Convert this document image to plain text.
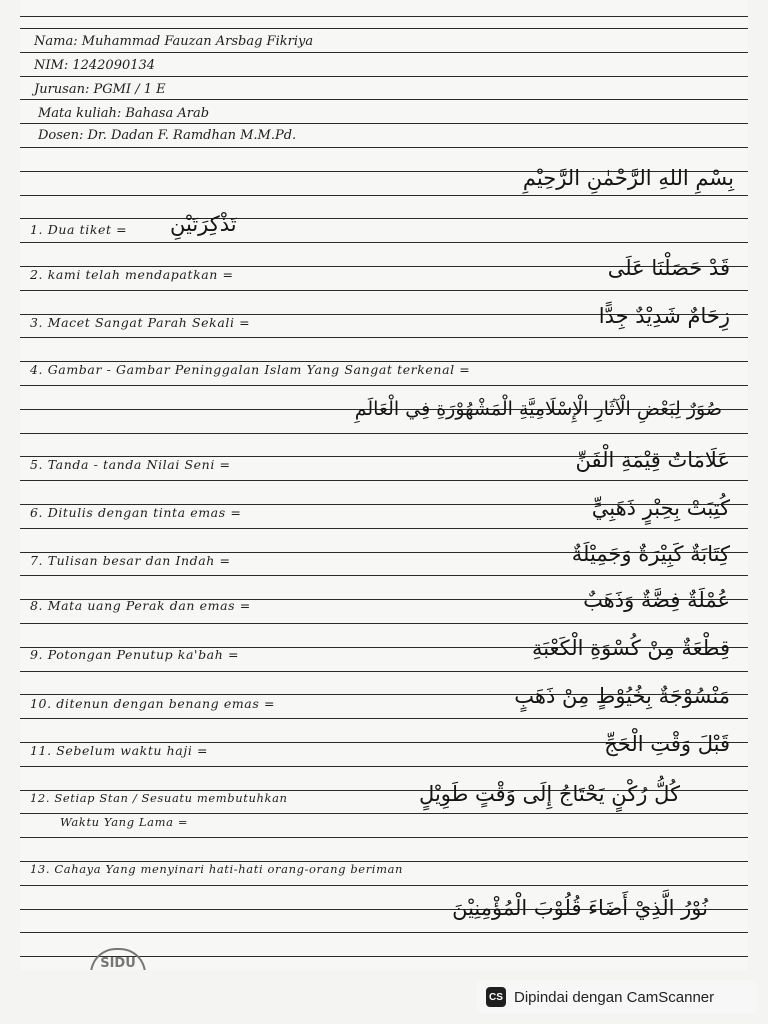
Nama: Muhammad Fauzan Arsbag Fikriya
NIM: 1242090134
Jurusan: PGMI / 1 E
Mata kuliah: Bahasa Arab
Dosen: Dr. Dadan F. Ramdhan M.M.Pd.
بِسْمِ اللهِ الرَّحْمٰنِ الرَّحِيْمِ
1. Dua tiket = تَذْكِرَتَيْنِ
2. kami telah mendapatkan =	قَدْ حَصَلْنَا عَلَى
3. Macet Sangat Parah Sekali =	زِحَامٌ شَدِيْدٌ جِدًّا
4. Gambar - Gambar Peninggalan Islam Yang Sangat terkenal =
صُوَرٌ لِبَعْضِ الْآثَارِ الْإِسْلَامِيَّةِ الْمَشْهُوْرَةِ فِي الْعَالَمِ
5. Tanda - tanda Nilai Seni =	عَلَامَاتُ قِيْمَةِ الْفَنِّ
6. Ditulis dengan tinta emas =	كُتِبَتْ بِحِبْرٍ ذَهَبِيٍّ
7. Tulisan besar dan Indah =	كِتَابَةٌ كَبِيْرَةٌ وَجَمِيْلَةٌ
8. Mata uang Perak dan emas =	عُمْلَةٌ فِضَّةٌ وَذَهَبٌ
9. Potongan Penutup ka'bah =	قِطْعَةٌ مِنْ كُسْوَةِ الْكَعْبَةِ
10. ditenun dengan benang emas =	مَنْسُوْجَةٌ بِخُيُوْطٍ مِنْ ذَهَبٍ
11. Sebelum waktu haji =	قَبْلَ وَقْتِ الْحَجِّ
12. Setiap Stan / Sesuatu membutuhkan
Waktu Yang Lama =
كُلُّ رُكْنٍ يَحْتَاجُ إِلَى وَقْتٍ طَوِيْلٍ
13. Cahaya Yang menyinari hati-hati orang-orang beriman
نُوْرُ الَّذِيْ أَضَاءَ قُلُوْبَ الْمُؤْمِنِيْنَ
SIDU
CS Dipindai dengan CamScanner
